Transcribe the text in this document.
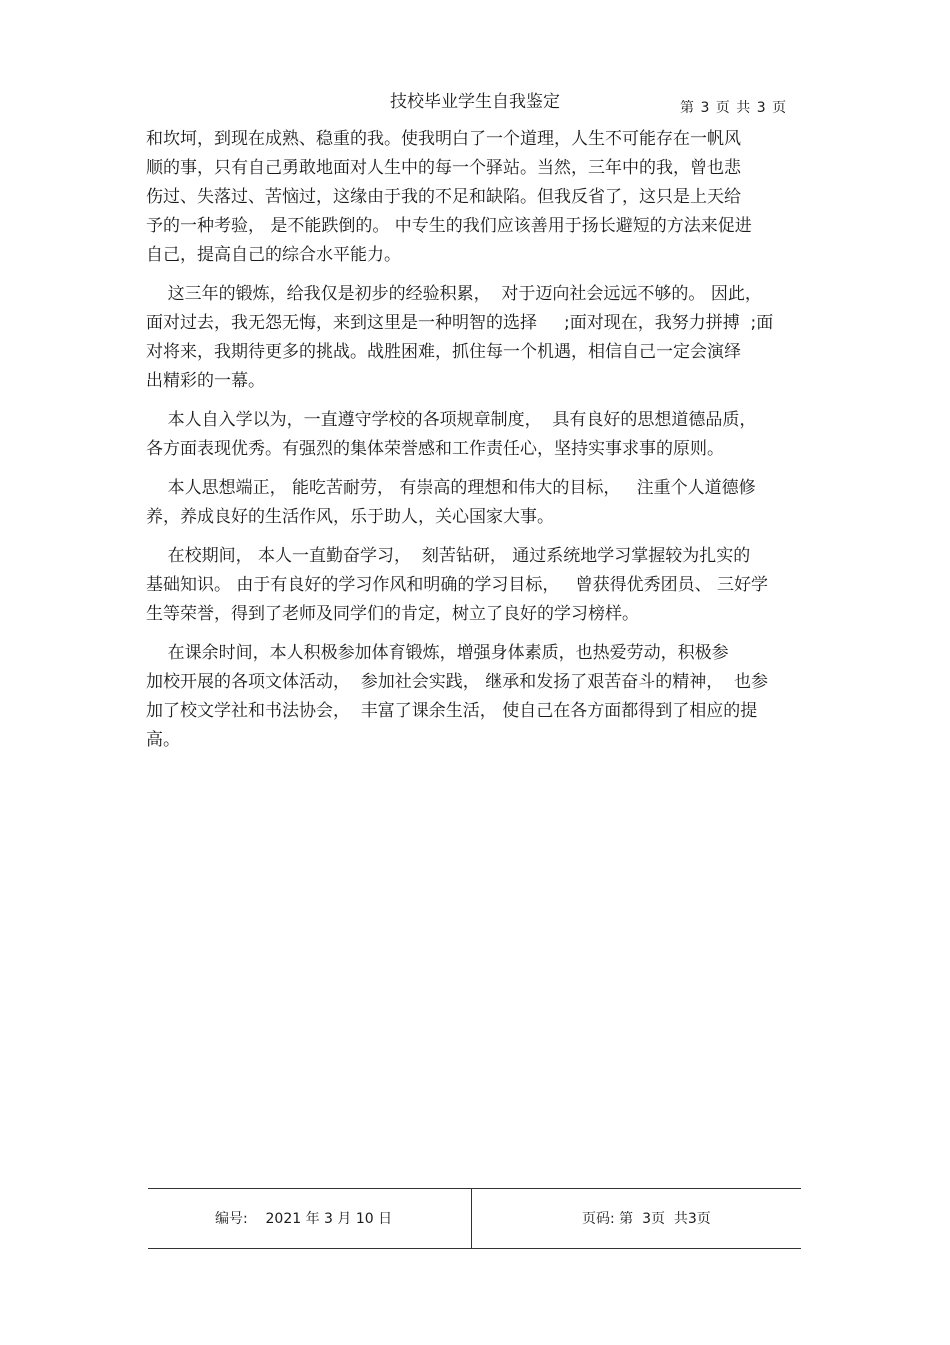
技校毕业学生自我鉴定	第 3 页 共 3 页
和坎坷，到现在成熟、稳重的我。使我明白了一个道理，人生不可能存在一帆风
顺的事，只有自己勇敢地面对人生中的每一个驿站。当然，三年中的我，曾也悲
伤过、失落过、苦恼过，这缘由于我的不足和缺陷。但我反省了，这只是上天给
予的一种考验， 是不能跌倒的。 中专生的我们应该善用于扬长避短的方法来促进
自己，提高自己的综合水平能力。
这三年的锻炼，给我仅是初步的经验积累，  对于迈向社会远远不够的。 因此，
面对过去，我无怨无悔，来到这里是一种明智的选择     ;面对现在，我努力拼搏  ;面
对将来，我期待更多的挑战。战胜困难，抓住每一个机遇，相信自己一定会演绎
出精彩的一幕。
本人自入学以为，一直遵守学校的各项规章制度，  具有良好的思想道德品质，
各方面表现优秀。有强烈的集体荣誉感和工作责任心，坚持实事求事的原则。
本人思想端正， 能吃苦耐劳， 有崇高的理想和伟大的目标，   注重个人道德修
养，养成良好的生活作风，乐于助人，关心国家大事。
在校期间， 本人一直勤奋学习，  刻苦钻研， 通过系统地学习掌握较为扎实的
基础知识。 由于有良好的学习作风和明确的学习目标，   曾获得优秀团员、 三好学
生等荣誉，得到了老师及同学们的肯定，树立了良好的学习榜样。
在课余时间，本人积极参加体育锻炼，增强身体素质，也热爱劳动，积极参
加校开展的各项文体活动，  参加社会实践， 继承和发扬了艰苦奋斗的精神，  也参
加了校文学社和书法协会，  丰富了课余生活， 使自己在各方面都得到了相应的提
高。
编号:    2021 年 3 月 10 日	页码: 第  3页  共3页
